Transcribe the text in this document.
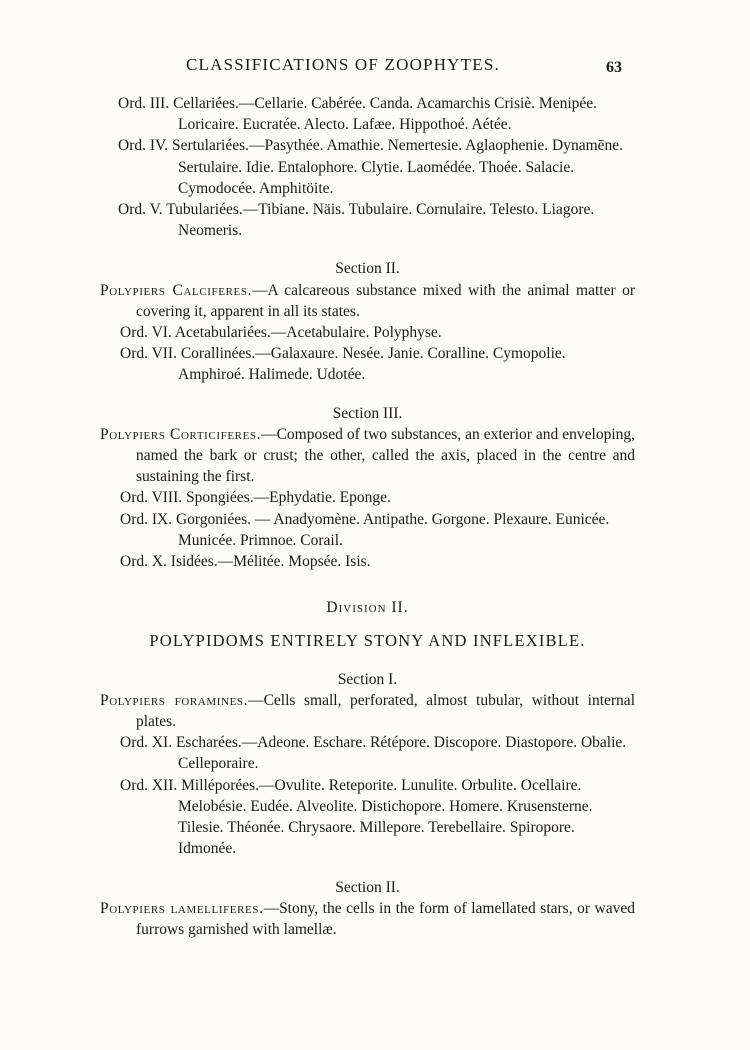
CLASSIFICATIONS OF ZOOPHYTES.	63
Ord. III. Cellariées.—Cellarie. Cabérée. Canda. Acamarchis Crisiè. Menipée. Loricaire. Eucratée. Alecto. Lafæe. Hippothoé. Aétée.
Ord. IV. Sertulariées.—Pasythée. Amathie. Nemertesie. Aglaophenie. Dynamēne. Sertulaire. Idie. Entalophore. Clytie. Laomédée. Thoée. Salacie. Cymodocée. Amphitöite.
Ord. V. Tubulariées.—Tibiane. Näis. Tubulaire. Cornulaire. Telesto. Liagore. Neomeris.
Section II.
Polypiers Calciferes.—A calcareous substance mixed with the animal matter or covering it, apparent in all its states.
Ord. VI. Acetabulariées.—Acetabulaire. Polyphyse.
Ord. VII. Corallinées.—Galaxaure. Nesée. Janie. Coralline. Cymopolie. Amphiroé. Halimede. Udotée.
Section III.
Polypiers Corticiferes.—Composed of two substances, an exterior and enveloping, named the bark or crust; the other, called the axis, placed in the centre and sustaining the first.
Ord. VIII. Spongiées.—Ephydatie. Eponge.
Ord. IX. Gorgoniées. — Anadyomène. Antipathe. Gorgone. Plexaure. Eunicée. Municée. Primnoe. Corail.
Ord. X. Isidées.—Mélitée. Mopsée. Isis.
Division II.
POLYPIDOMS ENTIRELY STONY AND INFLEXIBLE.
Section I.
Polypiers foramines.—Cells small, perforated, almost tubular, without internal plates.
Ord. XI. Escharées.—Adeone. Eschare. Rétépore. Discopore. Diastopore. Obalie. Celleporaire.
Ord. XII. Milléporées.—Ovulite. Reteporite. Lunulite. Orbulite. Ocellaire. Melobésie. Eudée. Alveolite. Distichopore. Homere. Krusensterne. Tilesie. Théonée. Chrysaore. Millepore. Terebellaire. Spiropore. Idmonée.
Section II.
Polypiers lamelliferes.—Stony, the cells in the form of lamellated stars, or waved furrows garnished with lamellæ.
